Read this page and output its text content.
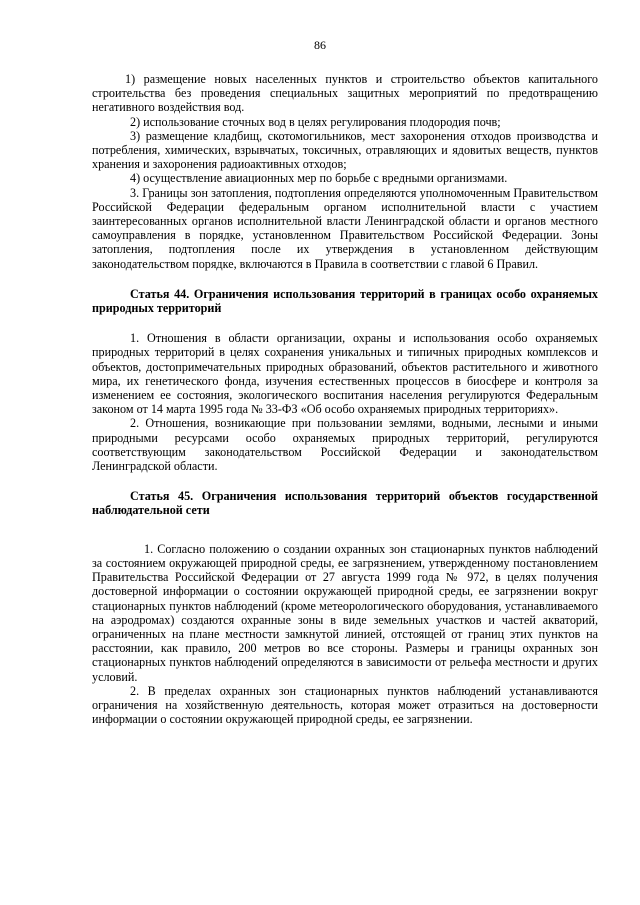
86

1) размещение новых населенных пунктов и строительство объектов капитального строительства без проведения специальных защитных мероприятий по предотвращению негативного воздействия вод.

2) использование сточных вод в целях регулирования плодородия почв;

3) размещение кладбищ, скотомогильников, мест захоронения отходов производства и потребления, химических, взрывчатых, токсичных, отравляющих и ядовитых веществ, пунктов хранения и захоронения радиоактивных отходов;

4) осуществление авиационных мер по борьбе с вредными организмами.

3. Границы зон затопления, подтопления определяются уполномоченным Правительством Российской Федерации федеральным органом исполнительной власти с участием заинтересованных органов исполнительной власти Ленинградской области и органов местного самоуправления в порядке, установленном Правительством Российской Федерации. Зоны затопления, подтопления после их утверждения в установленном действующим законодательством порядке, включаются в Правила в соответствии с главой 6 Правил.

Статья 44. Ограничения использования территорий в границах особо охраняемых природных территорий

1. Отношения в области организации, охраны и использования особо охраняемых природных территорий в целях сохранения уникальных и типичных природных комплексов и объектов, достопримечательных природных образований, объектов растительного и животного мира, их генетического фонда, изучения естественных процессов в биосфере и контроля за изменением ее состояния, экологического воспитания населения регулируются Федеральным законом от 14 марта 1995 года № 33-ФЗ «Об особо охраняемых природных территориях».

2. Отношения, возникающие при пользовании землями, водными, лесными и иными природными ресурсами особо охраняемых природных территорий, регулируются соответствующим законодательством Российской Федерации и законодательством Ленинградской области.

Статья 45. Ограничения использования территорий объектов государственной наблюдательной сети

1. Согласно положению о создании охранных зон стационарных пунктов наблюдений за состоянием окружающей природной среды, ее загрязнением, утвержденному постановлением Правительства Российской Федерации от 27 августа 1999 года № 972, в целях получения достоверной информации о состоянии окружающей природной среды, ее загрязнении вокруг стационарных пунктов наблюдений (кроме метеорологического оборудования, устанавливаемого на аэродромах) создаются охранные зоны в виде земельных участков и частей акваторий, ограниченных на плане местности замкнутой линией, отстоящей от границ этих пунктов на расстоянии, как правило, 200 метров во все стороны. Размеры и границы охранных зон стационарных пунктов наблюдений определяются в зависимости от рельефа местности и других условий.

2. В пределах охранных зон стационарных пунктов наблюдений устанавливаются ограничения на хозяйственную деятельность, которая может отразиться на достоверности информации о состоянии окружающей природной среды, ее загрязнении.
